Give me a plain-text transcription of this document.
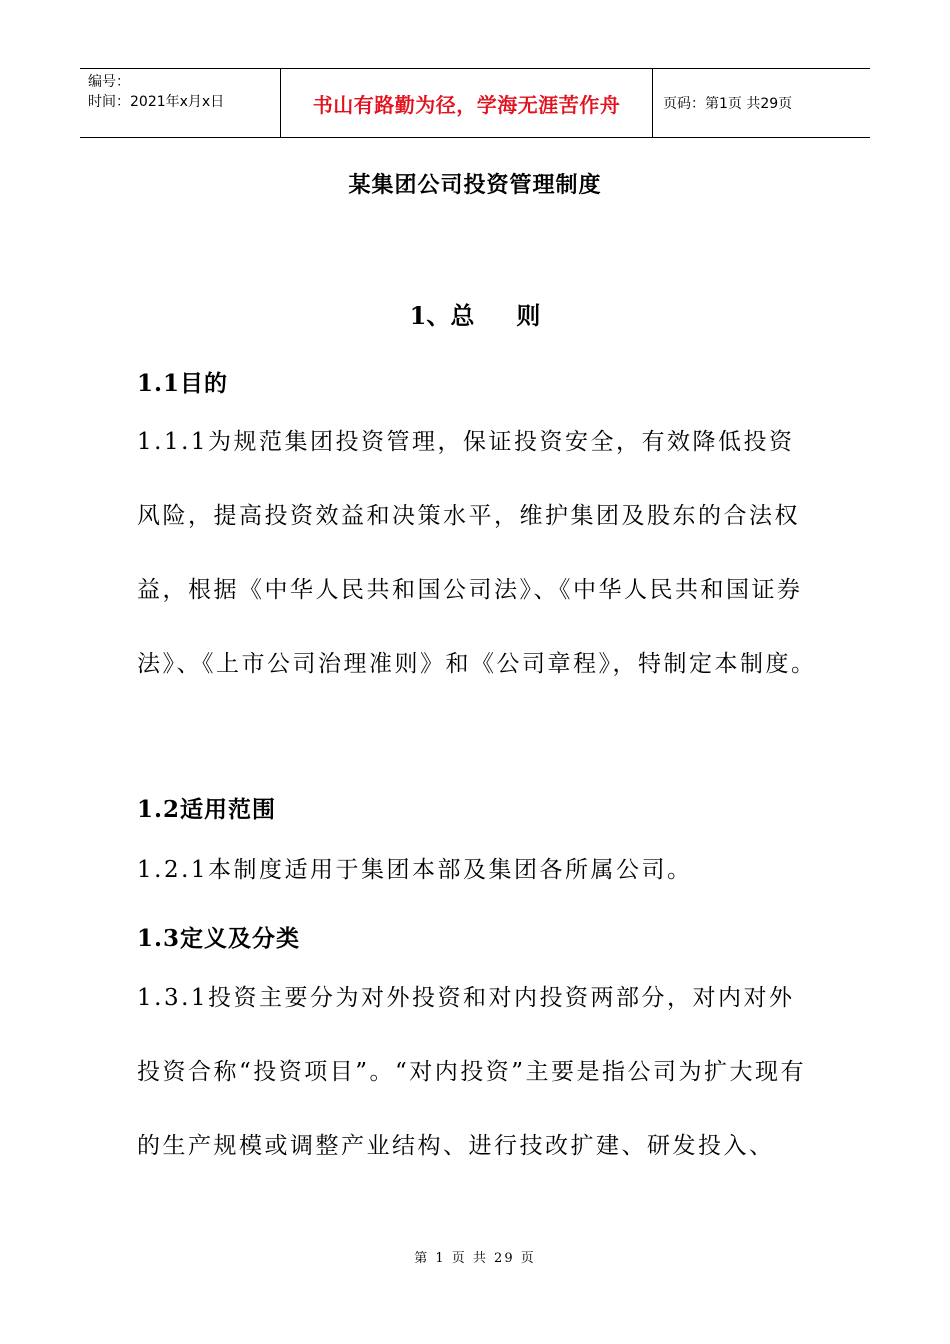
编号：
时间：2021年x月x日	书山有路勤为径，学海无涯苦作舟	页码：第1页 共29页
某集团公司投资管理制度
1、总 则
1.1目的

1.1.1为规范集团投资管理，保证投资安全，有效降低投资风险，提高投资效益和决策水平，维护集团及股东的合法权益，根据《中华人民共和国公司法》、《中华人民共和国证券法》、《上市公司治理准则》和《公司章程》，特制定本制度。

1.2适用范围

1.2.1本制度适用于集团本部及集团各所属公司。

1.3定义及分类

1.3.1投资主要分为对外投资和对内投资两部分，对内对外投资合称“投资项目”。“对内投资”主要是指公司为扩大现有的生产规模或调整产业结构、进行技改扩建、研发投入、

第 1 页 共 29 页
